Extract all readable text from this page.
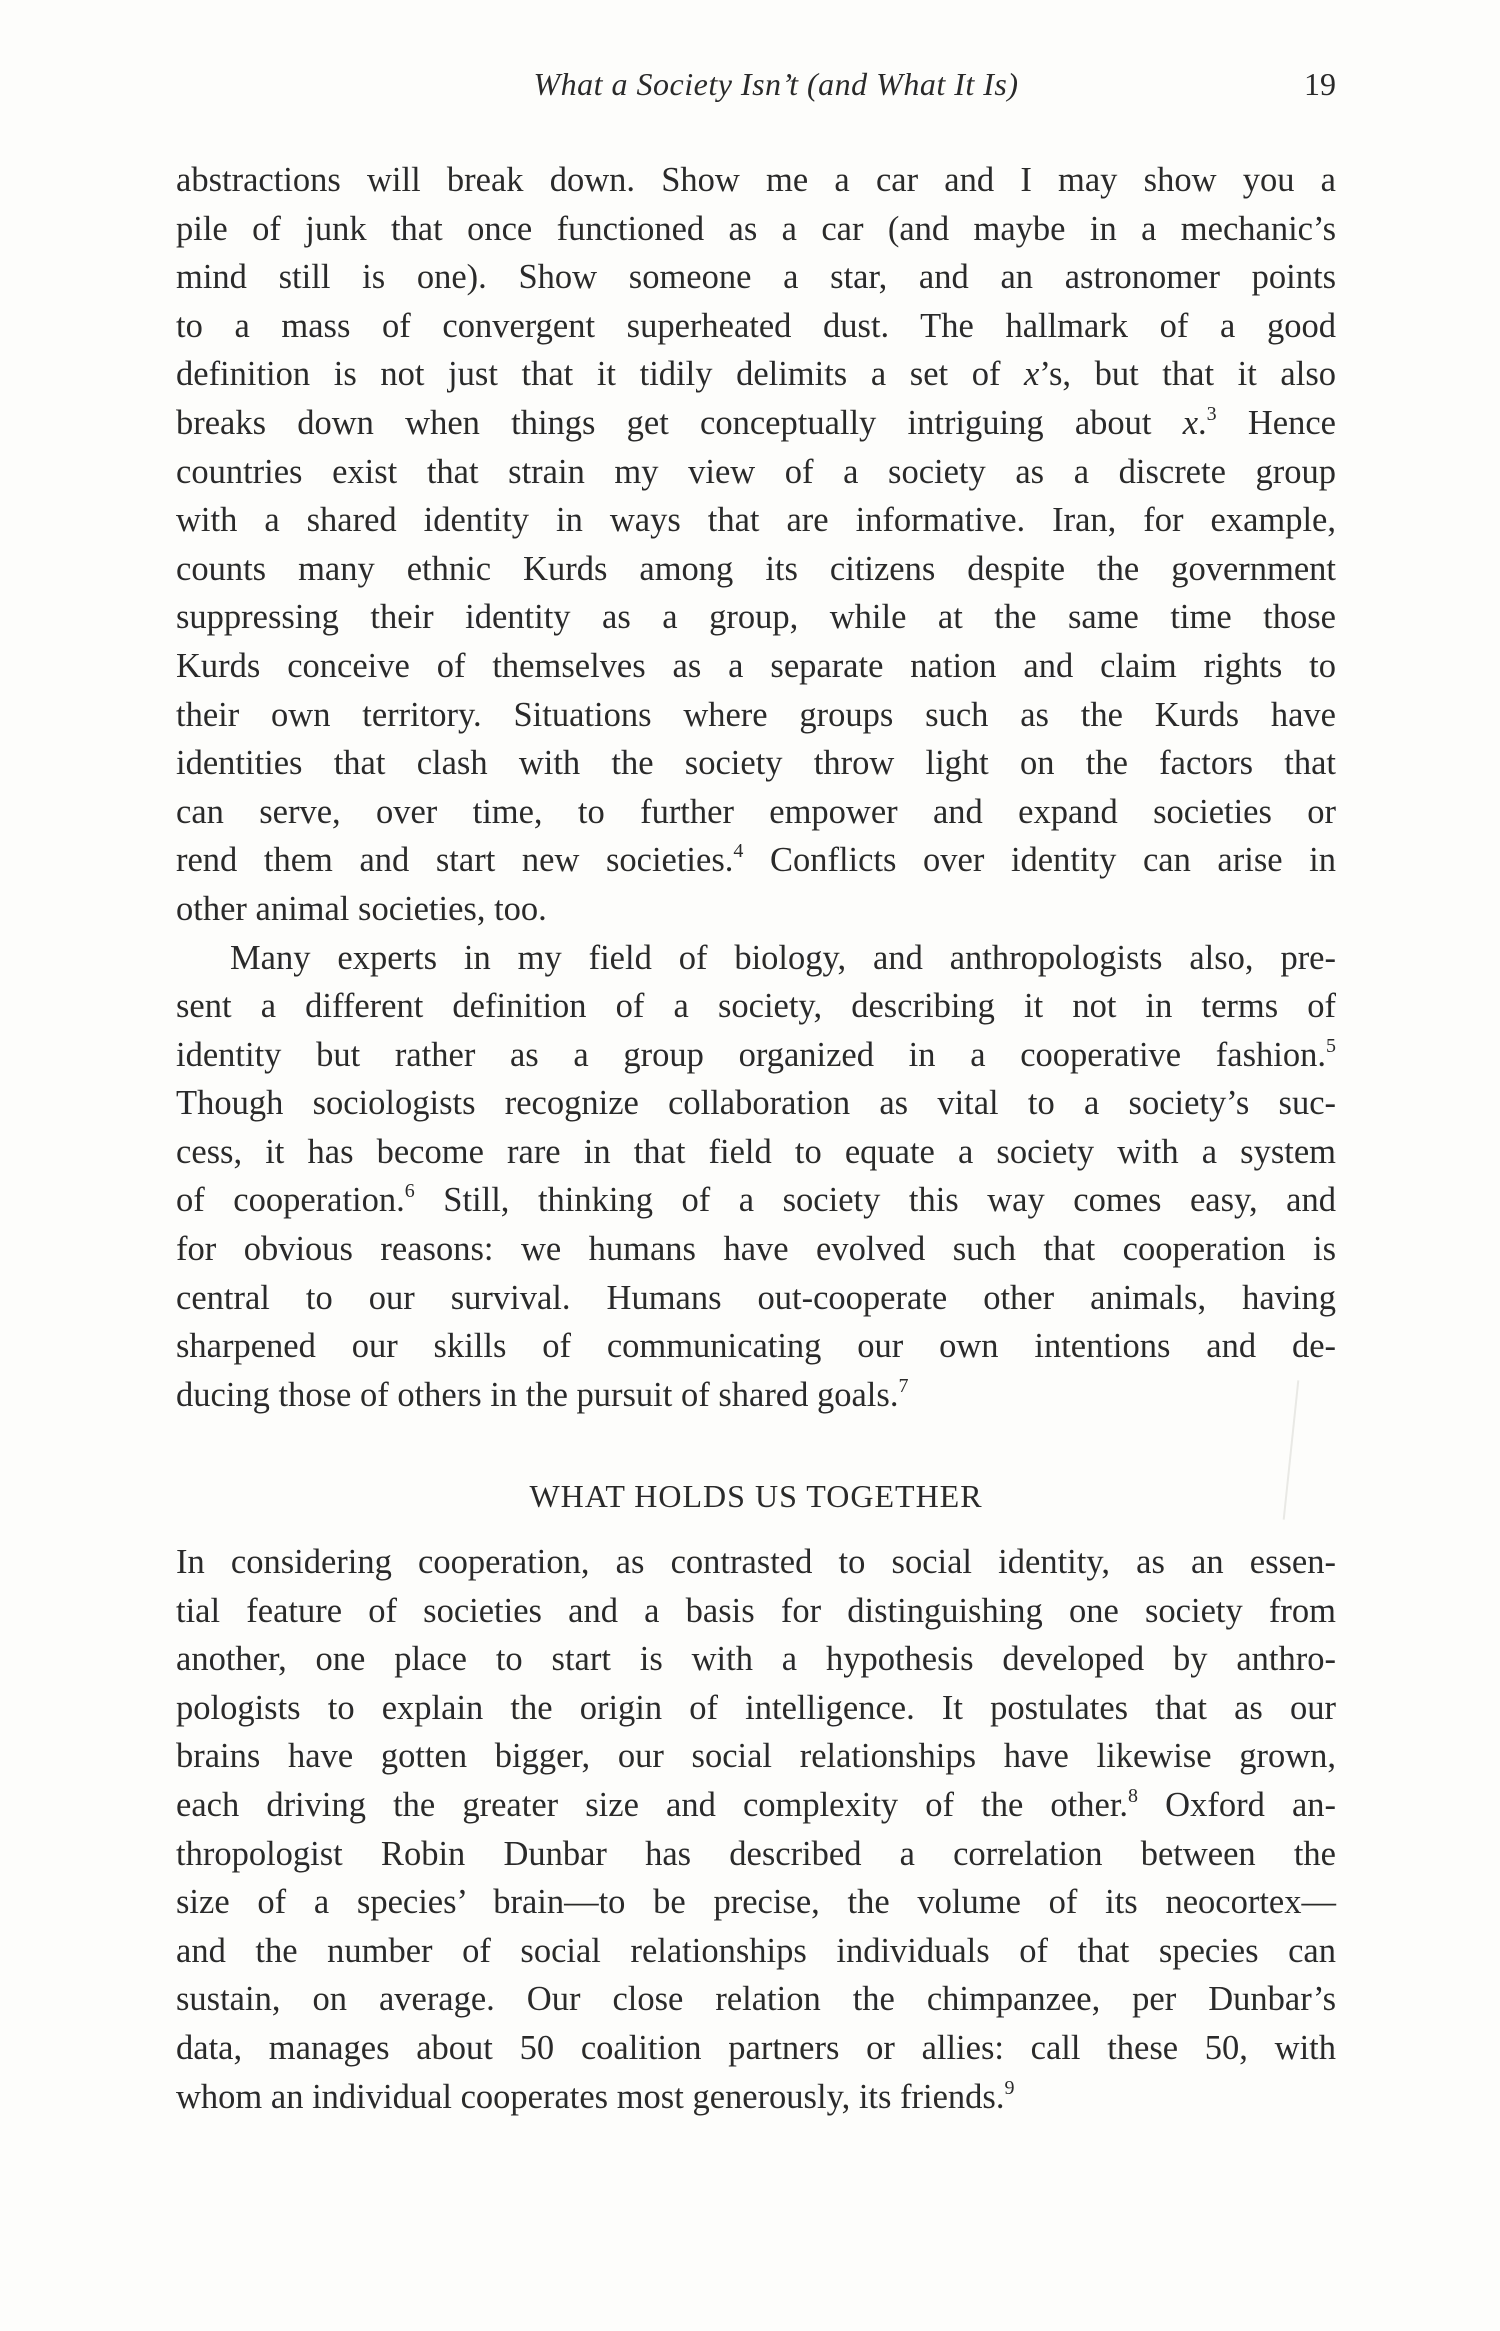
What a Society Isn’t (and What It Is)	19

abstractions will break down. Show me a car and I may show you a
pile of junk that once functioned as a car (and maybe in a mechanic’s
mind still is one). Show someone a star, and an astronomer points
to a mass of convergent superheated dust. The hallmark of a good
definition is not just that it tidily delimits a set of x’s, but that it also
breaks down when things get conceptually intriguing about x.$^3$ Hence
countries exist that strain my view of a society as a discrete group
with a shared identity in ways that are informative. Iran, for example,
counts many ethnic Kurds among its citizens despite the government
suppressing their identity as a group, while at the same time those
Kurds conceive of themselves as a separate nation and claim rights to
their own territory. Situations where groups such as the Kurds have
identities that clash with the society throw light on the factors that
can serve, over time, to further empower and expand societies or
rend them and start new societies.$^4$ Conflicts over identity can arise in
other animal societies, too.

Many experts in my field of biology, and anthropologists also, pre-
sent a different definition of a society, describing it not in terms of
identity but rather as a group organized in a cooperative fashion.$^5$
Though sociologists recognize collaboration as vital to a society’s suc-
cess, it has become rare in that field to equate a society with a system
of cooperation.$^6$ Still, thinking of a society this way comes easy, and
for obvious reasons: we humans have evolved such that cooperation is
central to our survival. Humans out-cooperate other animals, having
sharpened our skills of communicating our own intentions and de-
ducing those of others in the pursuit of shared goals.$^7$

WHAT HOLDS US TOGETHER

In considering cooperation, as contrasted to social identity, as an essen-
tial feature of societies and a basis for distinguishing one society from
another, one place to start is with a hypothesis developed by anthro-
pologists to explain the origin of intelligence. It postulates that as our
brains have gotten bigger, our social relationships have likewise grown,
each driving the greater size and complexity of the other.$^8$ Oxford an-
thropologist Robin Dunbar has described a correlation between the
size of a species’ brain—to be precise, the volume of its neocortex—
and the number of social relationships individuals of that species can
sustain, on average. Our close relation the chimpanzee, per Dunbar’s
data, manages about 50 coalition partners or allies: call these 50, with
whom an individual cooperates most generously, its friends.$^9$
